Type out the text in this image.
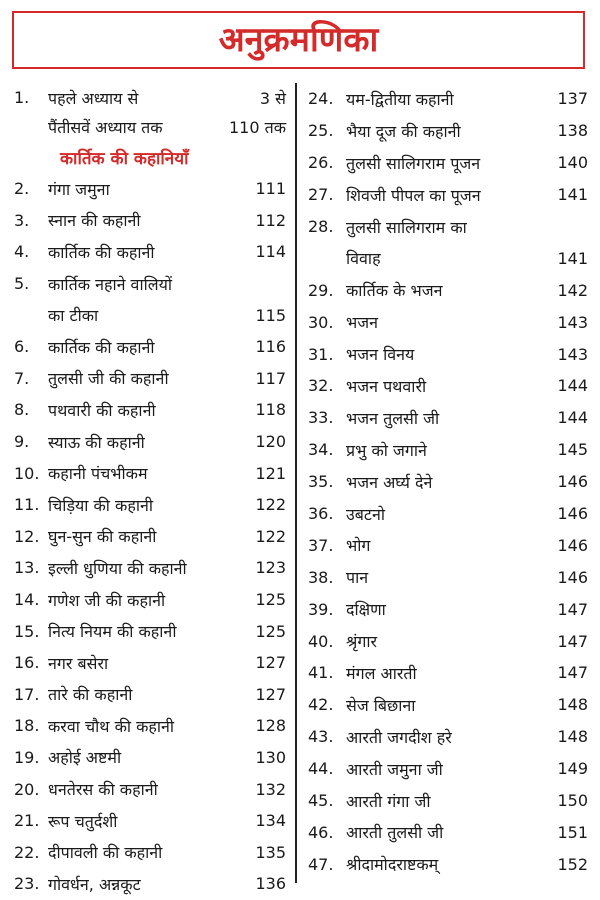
अनुक्रमणिका
1.	पहले अध्याय से	3 से
पैंतीसवें अध्याय तक	110 तक
कार्तिक की कहानियाँ
2.	गंगा जमुना	111
3.	स्नान की कहानी	112
4.	कार्तिक की कहानी	114
5.	कार्तिक नहाने वालियों
का टीका	115
6.	कार्तिक की कहानी	116
7.	तुलसी जी की कहानी	117
8.	पथवारी की कहानी	118
9.	स्याऊ की कहानी	120
10. कहानी पंचभीकम	121
11. चिड़िया की कहानी	122
12. घुन-सुन की कहानी	122
13. इल्ली धुणिया की कहानी	123
14. गणेश जी की कहानी	125
15. नित्य नियम की कहानी	125
16. नगर बसेरा	127
17. तारे की कहानी	127
18. करवा चौथ की कहानी	128
19. अहोई अष्टमी	130
20. धनतेरस की कहानी	132
21. रूप चतुर्दशी	134
22. दीपावली की कहानी	135
23. गोवर्धन, अन्नकूट	136
24. यम-द्वितीया कहानी	137
25. भैया दूज की कहानी	138
26. तुलसी सालिगराम पूजन	140
27. शिवजी पीपल का पूजन	141
28. तुलसी सालिगराम का
विवाह	141
29. कार्तिक के भजन	142
30. भजन	143
31. भजन विनय	143
32. भजन पथवारी	144
33. भजन तुलसी जी	144
34. प्रभु को जगाने	145
35. भजन अर्घ्य देने	146
36. उबटनो	146
37. भोग	146
38. पान	146
39. दक्षिणा	147
40. श्रृंगार	147
41. मंगल आरती	147
42. सेज बिछाना	148
43. आरती जगदीश हरे	148
44. आरती जमुना जी	149
45. आरती गंगा जी	150
46. आरती तुलसी जी	151
47. श्रीदामोदराष्टकम्	152
